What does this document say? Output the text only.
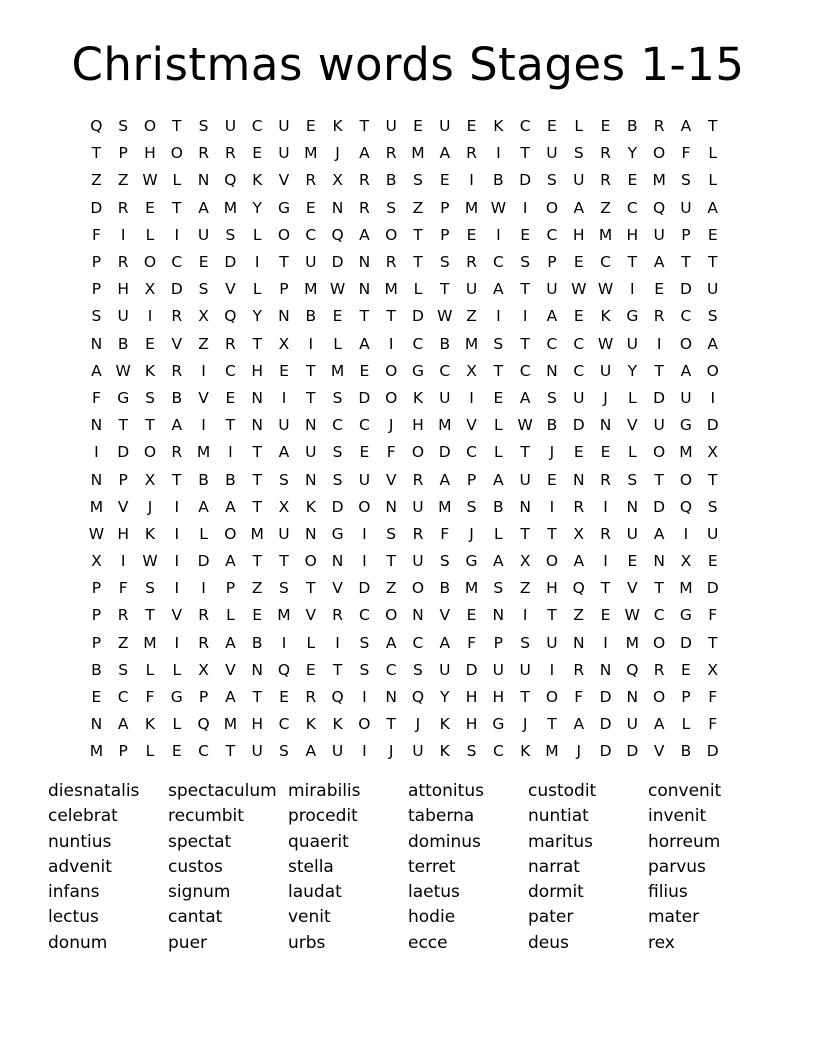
Christmas words Stages 1-15
Q	S	O	T	S	U	C	U	E	K	T	U	E	U	E	K	C	E	L	E	B	R	A	T
T	P	H O R	R	E	U M	J	A	R M A	R	I	T	U	S	R	Y	O	F	L
Z	Z W L	N Q	K	V	R	X	R	B	S	E	I	B	D	S	U	R	E M S	L
D R	E	T	A M Y	G	E	N	R	S	Z	P M W	I	O A	Z	C Q U	A
F	I	L	I	U	S	L	O C Q A O	T	P	E	I	E	C	H M H U	P	E
P	R O C	E	D	I	T	U D N	R	T	S	R	C	S	P	E	C	T	A	T	T
P	H	X	D	S	V	L	P M W N M	L	T	U	A	T	U W W	I	E	D U
S	U	I	R	X Q	Y	N	B	E	T	T	D W Z	I	I	A	E	K	G R	C	S
N	B	E	V	Z	R	T	X	I	L	A	I	C	B M S	T	C	C W U	I	O A
A W K	R	I	C	H	E	T M E	O G C	X	T	C	N	C	U	Y	T	A O
F	G	S	B	V	E	N	I	T	S	D O	K	U	I	E	A	S	U	J	L	D U	I
N	T	T	A	I	T	N U N	C	C	J	H M V	L W B	D N	V	U G D
I	D O R M	I	T	A	U	S	E	F	O D C	L	T	J	E	E	L	O M X
N	P	X	T	B	B	T	S	N	S	U	V	R	A	P	A	U	E	N	R	S	T	O	T
M V	J	I	A	A	T	X	K	D O N U M S	B	N	I	R	I	N D Q	S
W H	K	I	L	O M U N G	I	S	R	F	J	L	T	T	X	R	U	A	I	U
X	I	W	I	D	A	T	T	O N	I	T	U	S	G A	X O A	I	E	N	X	E
P	F	S	I	I	P	Z	S	T	V	D	Z O B M S	Z	H Q	T	V	T M D
P	R	T	V	R	L	E M V	R	C O N	V	E	N	I	T	Z	E W C G	F
P	Z M	I	R	A	B	I	L	I	S	A	C	A	F	P	S	U N	I	M O D	T
B	S	L	L	X	V	N Q	E	T	S	C	S	U D U U	I	R	N Q R	E	X
E	C	F	G	P	A	T	E	R Q	I	N Q	Y	H H	T	O	F	D N O	P	F
N	A	K	L	Q M H	C	K	K	O	T	J	K	H G	J	T	A	D U	A	L	F
M P	L	E	C	T	U	S	A	U	I	J	U	K	S	C	K M	J	D D	V	B	D
diesnatalis	spectaculum mirabilis	attonitus	custodit	convenit
celebrat	recumbit	procedit	taberna	nuntiat	invenit
nuntius	spectat	quaerit	dominus	maritus	horreum
advenit	custos	stella	terret	narrat	parvus
infans	signum	laudat	laetus	dormit	filius
lectus	cantat	venit	hodie	pater	mater
donum	puer	urbs	ecce	deus	rex
